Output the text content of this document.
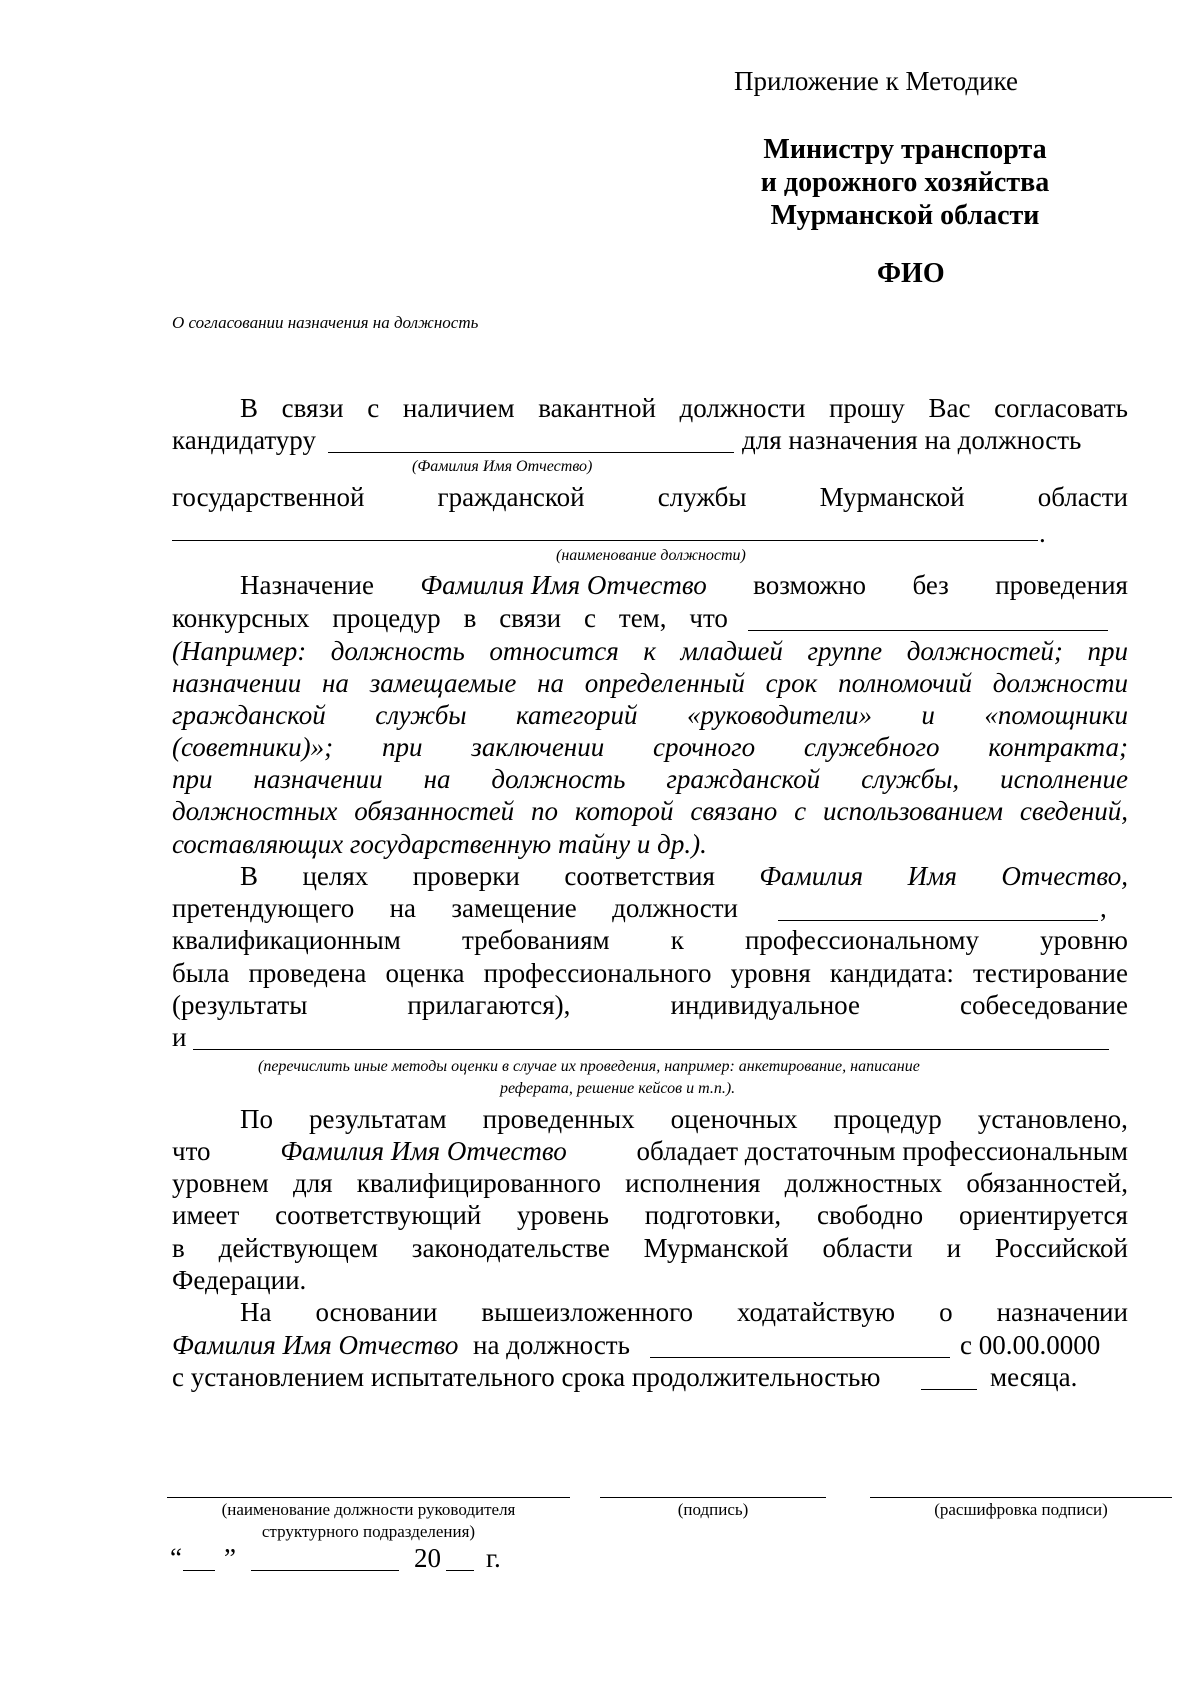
Приложение к Методике
Министру транспорта
и дорожного хозяйства
Мурманской области
ФИО
О согласовании назначения на должность
В связи с наличием вакантной должности прошу Вас согласовать
кандидатуру	для назначения на должность
(Фамилия Имя Отчество)
государственной	гражданской	службы	Мурманской	области
.
(наименование должности)
Назначение Фамилия Имя Отчество возможно без проведения
конкурсных процедур в связи с тем, что
(Например: должность относится к младшей группе должностей; при
назначении на замещаемые на определенный срок полномочий должности
гражданской службы категорий «руководители» и «помощники
(советники)»; при заключении срочного служебного контракта;
при назначении на должность гражданской службы, исполнение
должностных обязанностей по которой связано с использованием сведений,
составляющих государственную тайну и др.).
В целях проверки соответствия Фамилия Имя Отчество,
претендующего на замещение должности	,
квалификационным требованиям к профессиональному уровню
была проведена оценка профессионального уровня кандидата: тестирование
(результаты	прилагаются),	индивидуальное	собеседование
и
(перечислить иные методы оценки в случае их проведения, например: анкетирование, написание
реферата, решение кейсов и т.п.).
По результатам проведенных оценочных процедур установлено,
что	Фамилия Имя Отчество	обладает достаточным профессиональным
уровнем для квалифицированного исполнения должностных обязанностей,
имеет соответствующий уровень подготовки, свободно ориентируется
в действующем законодательстве Мурманской области и Российской
Федерации.
На основании вышеизложенного ходатайствую о назначении
Фамилия Имя Отчество на должность	с 00.00.0000
с установлением испытательного срока продолжительностью	месяца.
(наименование должности руководителя
структурного подразделения)
(подпись)	(расшифровка подписи)
“ ”	20 г.
